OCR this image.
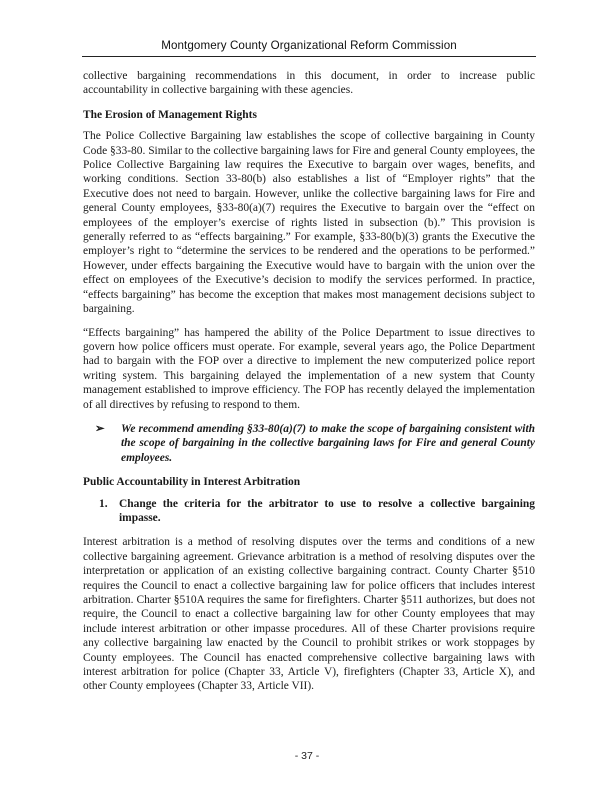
Montgomery County Organizational Reform Commission

collective bargaining recommendations in this document, in order to increase public accountability in collective bargaining with these agencies.

The Erosion of Management Rights

The Police Collective Bargaining law establishes the scope of collective bargaining in County Code §33-80. Similar to the collective bargaining laws for Fire and general County employees, the Police Collective Bargaining law requires the Executive to bargain over wages, benefits, and working conditions. Section 33-80(b) also establishes a list of “Employer rights” that the Executive does not need to bargain. However, unlike the collective bargaining laws for Fire and general County employees, §33-80(a)(7) requires the Executive to bargain over the “effect on employees of the employer’s exercise of rights listed in subsection (b).” This provision is generally referred to as “effects bargaining.” For example, §33-80(b)(3) grants the Executive the employer’s right to “determine the services to be rendered and the operations to be performed.” However, under effects bargaining the Executive would have to bargain with the union over the effect on employees of the Executive’s decision to modify the services performed. In practice, “effects bargaining” has become the exception that makes most management decisions subject to bargaining.

“Effects bargaining” has hampered the ability of the Police Department to issue directives to govern how police officers must operate. For example, several years ago, the Police Department had to bargain with the FOP over a directive to implement the new computerized police report writing system. This bargaining delayed the implementation of a new system that County management established to improve efficiency. The FOP has recently delayed the implementation of all directives by refusing to respond to them.

➢	We recommend amending §33-80(a)(7) to make the scope of bargaining consistent with the scope of bargaining in the collective bargaining laws for Fire and general County employees.
Public Accountability in Interest Arbitration
1. Change the criteria for the arbitrator to use to resolve a collective bargaining impasse.

Interest arbitration is a method of resolving disputes over the terms and conditions of a new collective bargaining agreement. Grievance arbitration is a method of resolving disputes over the interpretation or application of an existing collective bargaining contract. County Charter §510 requires the Council to enact a collective bargaining law for police officers that includes interest arbitration. Charter §510A requires the same for firefighters. Charter §511 authorizes, but does not require, the Council to enact a collective bargaining law for other County employees that may include interest arbitration or other impasse procedures. All of these Charter provisions require any collective bargaining law enacted by the Council to prohibit strikes or work stoppages by County employees. The Council has enacted comprehensive collective bargaining laws with interest arbitration for police (Chapter 33, Article V), firefighters (Chapter 33, Article X), and other County employees (Chapter 33, Article VII).

- 37 -
